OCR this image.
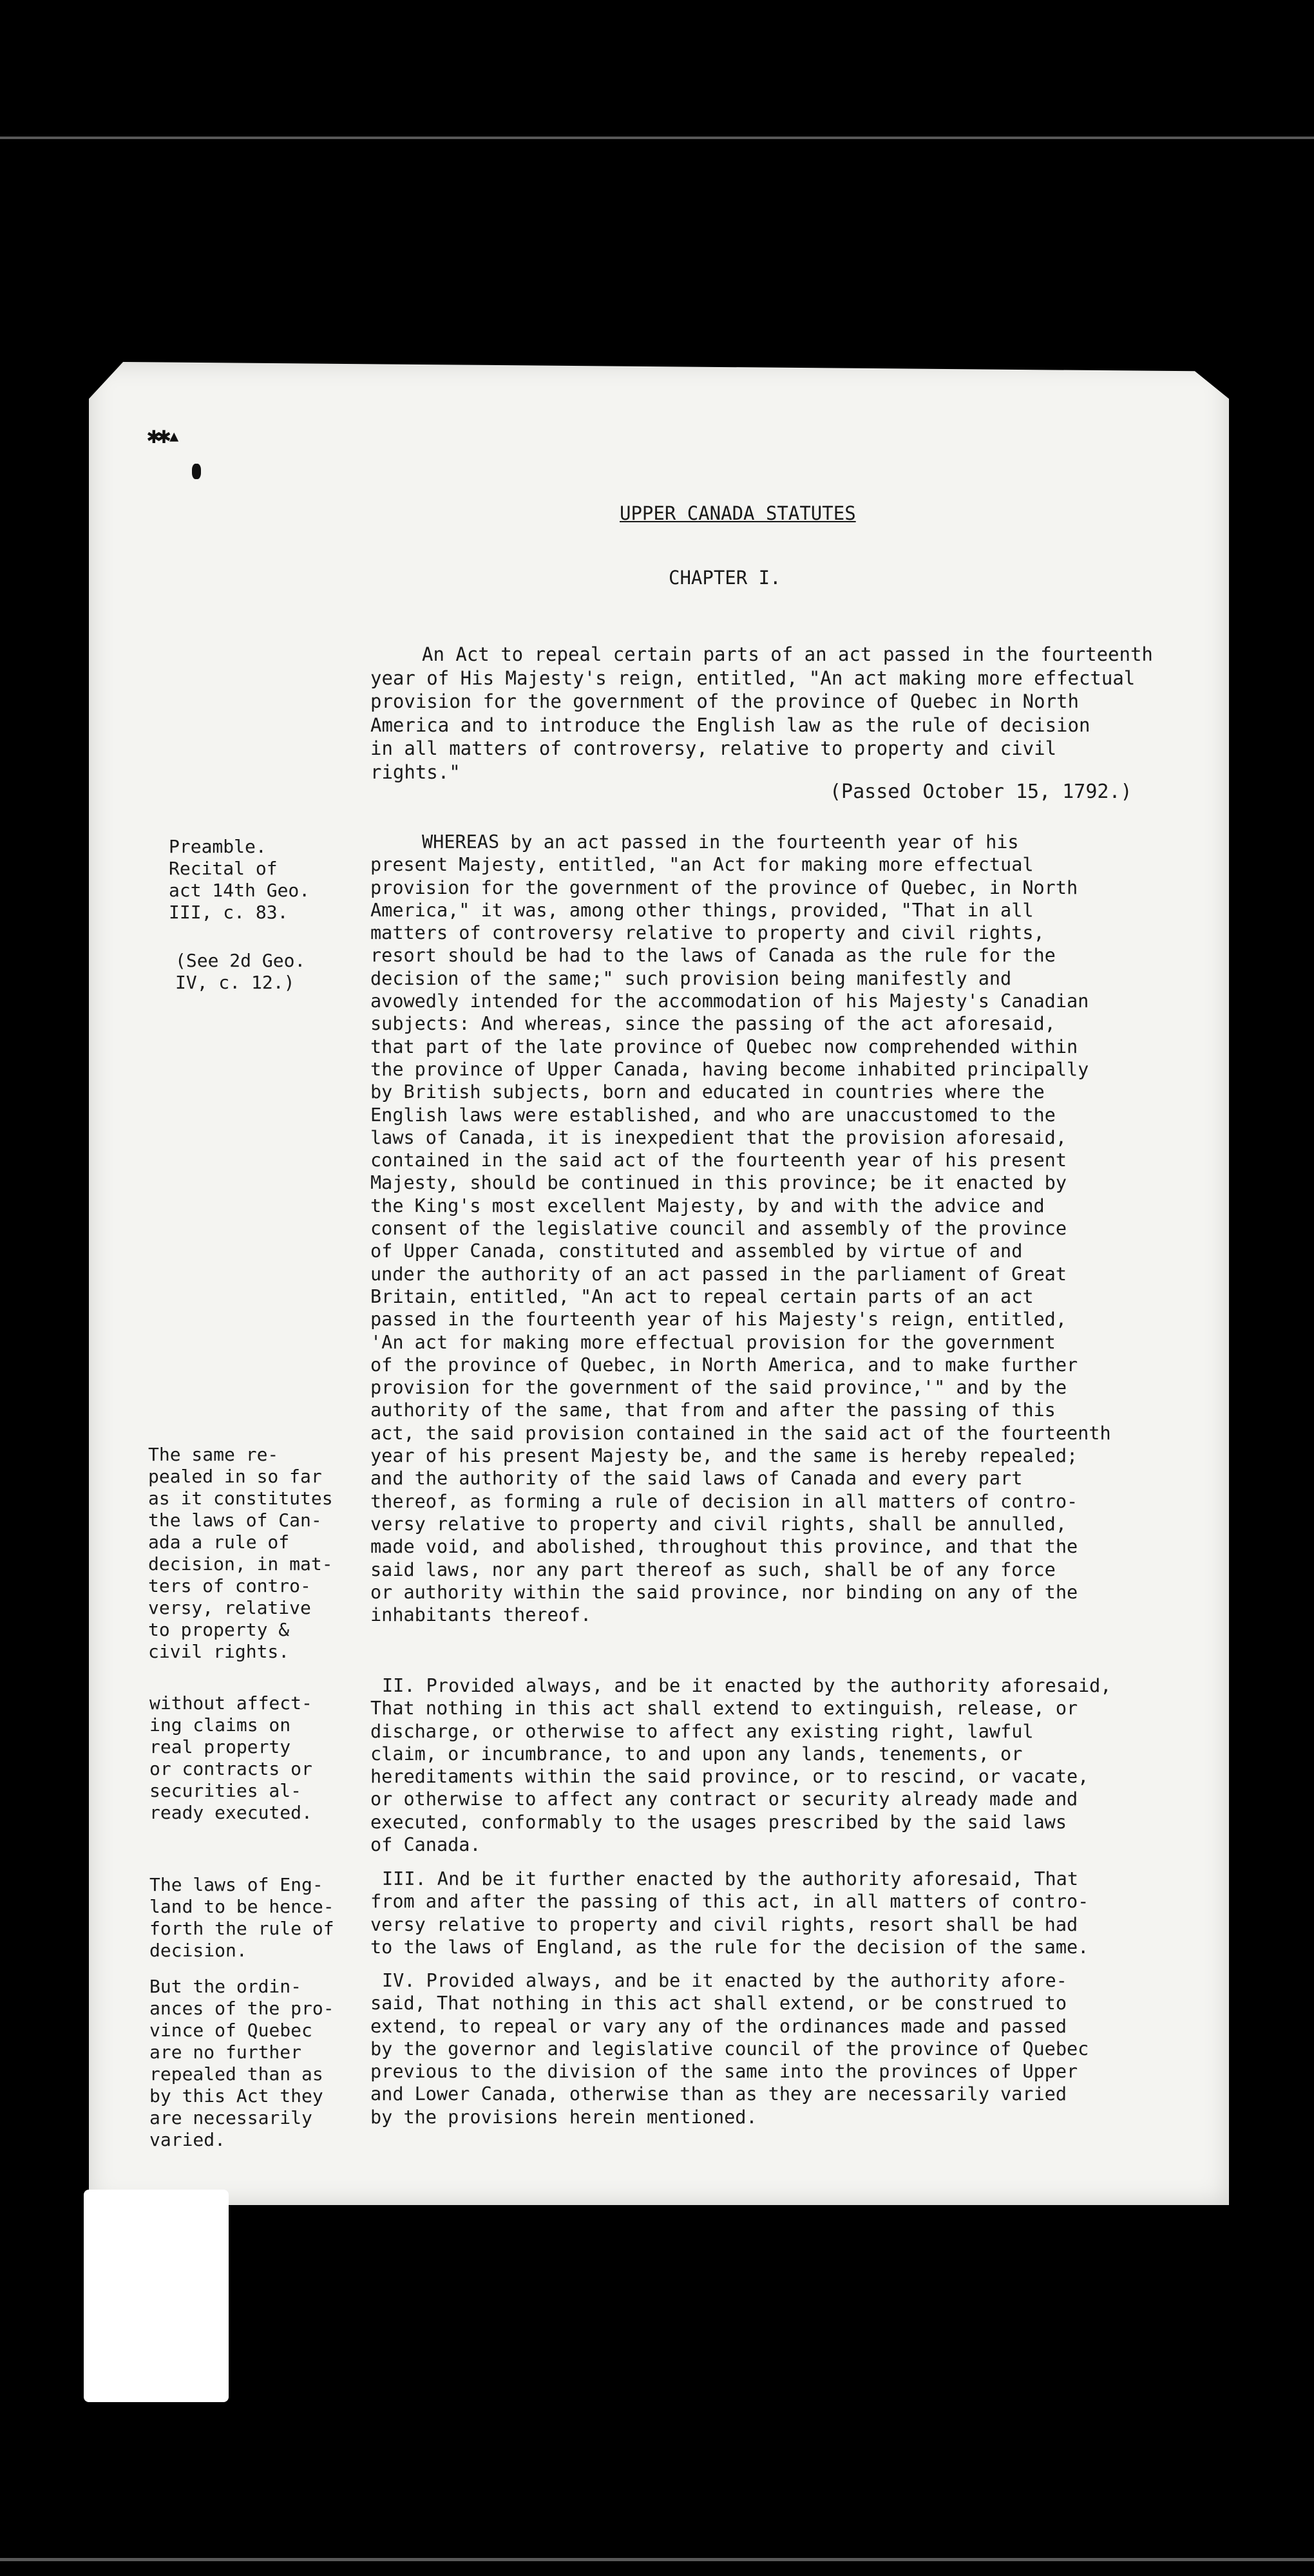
✱✱▴
UPPER CANADA STATUTES
CHAPTER I.
An Act to repeal certain parts of an act passed in the fourteenth
year of His Majesty's reign, entitled, "An act making more effectual
provision for the government of the province of Quebec in North
America and to introduce the English law as the rule of decision
in all matters of controversy, relative to property and civil
rights."
(Passed October 15, 1792.)
Preamble.
Recital of
act 14th Geo.
III, c. 83.
(See 2d Geo.
IV, c. 12.)
The same re-
pealed in so far
as it constitutes
the laws of Can-
ada a rule of
decision, in mat-
ters of contro-
versy, relative
to property &
civil rights.
without affect-
ing claims on
real property
or contracts or
securities al-
ready executed.
The laws of Eng-
land to be hence-
forth the rule of
decision.
But the ordin-
ances of the pro-
vince of Quebec
are no further
repealed than as
by this Act they
are necessarily
varied.
WHEREAS by an act passed in the fourteenth year of his
present Majesty, entitled, "an Act for making more effectual
provision for the government of the province of Quebec, in North
America," it was, among other things, provided, "That in all
matters of controversy relative to property and civil rights,
resort should be had to the laws of Canada as the rule for the
decision of the same;" such provision being manifestly and
avowedly intended for the accommodation of his Majesty's Canadian
subjects: And whereas, since the passing of the act aforesaid,
that part of the late province of Quebec now comprehended within
the province of Upper Canada, having become inhabited principally
by British subjects, born and educated in countries where the
English laws were established, and who are unaccustomed to the
laws of Canada, it is inexpedient that the provision aforesaid,
contained in the said act of the fourteenth year of his present
Majesty, should be continued in this province; be it enacted by
the King's most excellent Majesty, by and with the advice and
consent of the legislative council and assembly of the province
of Upper Canada, constituted and assembled by virtue of and
under the authority of an act passed in the parliament of Great
Britain, entitled, "An act to repeal certain parts of an act
passed in the fourteenth year of his Majesty's reign, entitled,
'An act for making more effectual provision for the government
of the province of Quebec, in North America, and to make further
provision for the government of the said province,'" and by the
authority of the same, that from and after the passing of this
act, the said provision contained in the said act of the fourteenth
year of his present Majesty be, and the same is hereby repealed;
and the authority of the said laws of Canada and every part
thereof, as forming a rule of decision in all matters of contro-
versy relative to property and civil rights, shall be annulled,
made void, and abolished, throughout this province, and that the
said laws, nor any part thereof as such, shall be of any force
or authority within the said province, nor binding on any of the
inhabitants thereof.
II. Provided always, and be it enacted by the authority aforesaid,
That nothing in this act shall extend to extinguish, release, or
discharge, or otherwise to affect any existing right, lawful
claim, or incumbrance, to and upon any lands, tenements, or
hereditaments within the said province, or to rescind, or vacate,
or otherwise to affect any contract or security already made and
executed, conformably to the usages prescribed by the said laws
of Canada.
III. And be it further enacted by the authority aforesaid, That
from and after the passing of this act, in all matters of contro-
versy relative to property and civil rights, resort shall be had
to the laws of England, as the rule for the decision of the same.
IV. Provided always, and be it enacted by the authority afore-
said, That nothing in this act shall extend, or be construed to
extend, to repeal or vary any of the ordinances made and passed
by the governor and legislative council of the province of Quebec
previous to the division of the same into the provinces of Upper
and Lower Canada, otherwise than as they are necessarily varied
by the provisions herein mentioned.
